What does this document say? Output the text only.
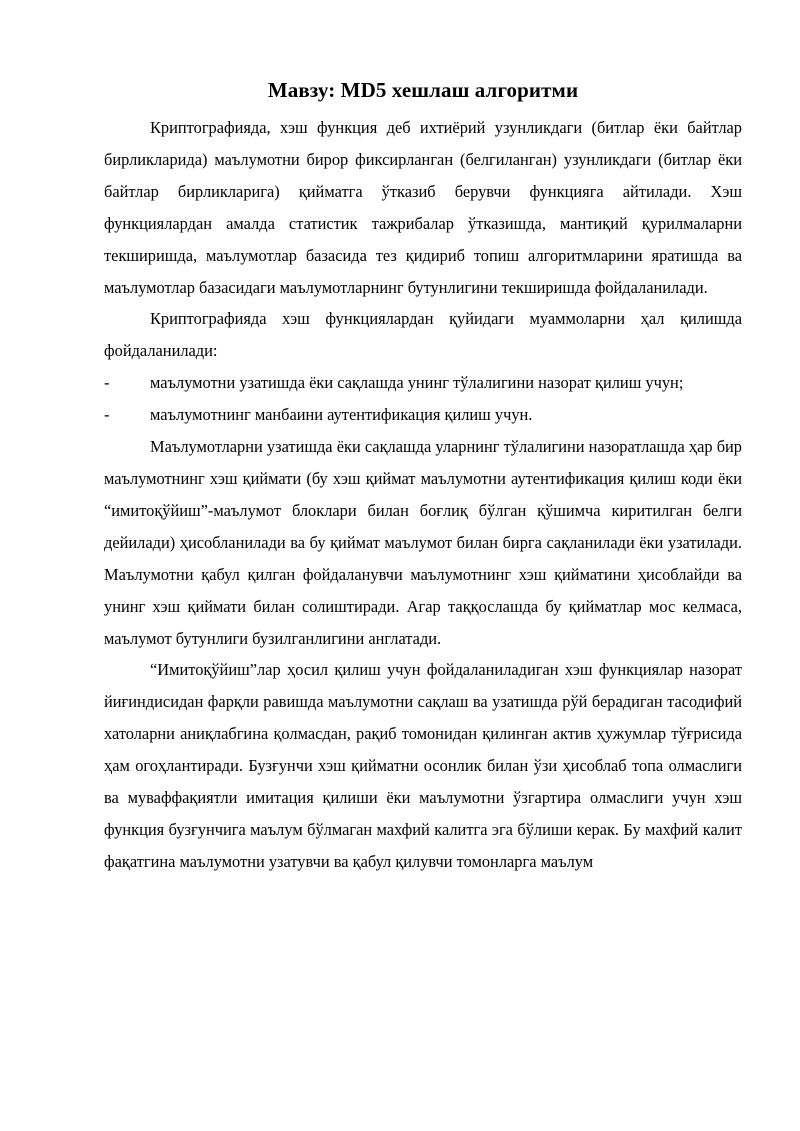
Мавзу: MD5 хешлаш алгоритми

Криптографияда, хэш функция деб ихтиёрий узунликдаги (битлар ёки байтлар бирликларида) маълумотни бирор фиксирланган (белгиланган) узунликдаги (битлар ёки байтлар бирликларига) қийматга ўтказиб берувчи функцияга айтилади. Хэш функциялардан амалда статистик тажрибалар ўтказишда, мантиқий қурилмаларни текширишда, маълумотлар базасида тез қидириб топиш алгоритмларини яратишда ва маълумотлар базасидаги маълумотларнинг бутунлигини текширишда фойдаланилади.

Криптографияда хэш функциялардан қуйидаги муаммоларни ҳал қилишда фойдаланилади:

- маълумотни узатишда ёки сақлашда унинг тўлалигини назорат қилиш учун;
- маълумотнинг манбаини аутентификация қилиш учун.

Маълумотларни узатишда ёки сақлашда уларнинг тўлалигини назоратлашда ҳар бир маълумотнинг хэш қиймати (бу хэш қиймат маълумотни аутентификация қилиш коди ёки “имитоқўйиш”-маълумот блоклари билан боғлиқ бўлган қўшимча киритилган белги дейилади) ҳисобланилади ва бу қиймат маълумот билан бирга сақланилади ёки узатилади. Маълумотни қабул қилган фойдаланувчи маълумотнинг хэш қийматини ҳисоблайди ва унинг хэш қиймати билан солиштиради. Агар таққослашда бу қийматлар мос келмаса, маълумот бутунлиги бузилганлигини англатади.

“Имитоқўйиш”лар ҳосил қилиш учун фойдаланиладиган хэш функциялар назорат йиғиндисидан фарқли равишда маълумотни сақлаш ва узатишда рўй берадиган тасодифий хатоларни аниқлабгина қолмасдан, рақиб томонидан қилинган актив ҳужумлар тўғрисида ҳам огоҳлантиради. Бузғунчи хэш қийматни осонлик билан ўзи ҳисоблаб топа олмаслиги ва муваффақиятли имитация қилиши ёки маълумотни ўзгартира олмаслиги учун хэш функция бузғунчига маълум бўлмаган махфий калитга эга бўлиши керак. Бу махфий калит фақатгина маълумотни узатувчи ва қабул қилувчи томонларга маълум
